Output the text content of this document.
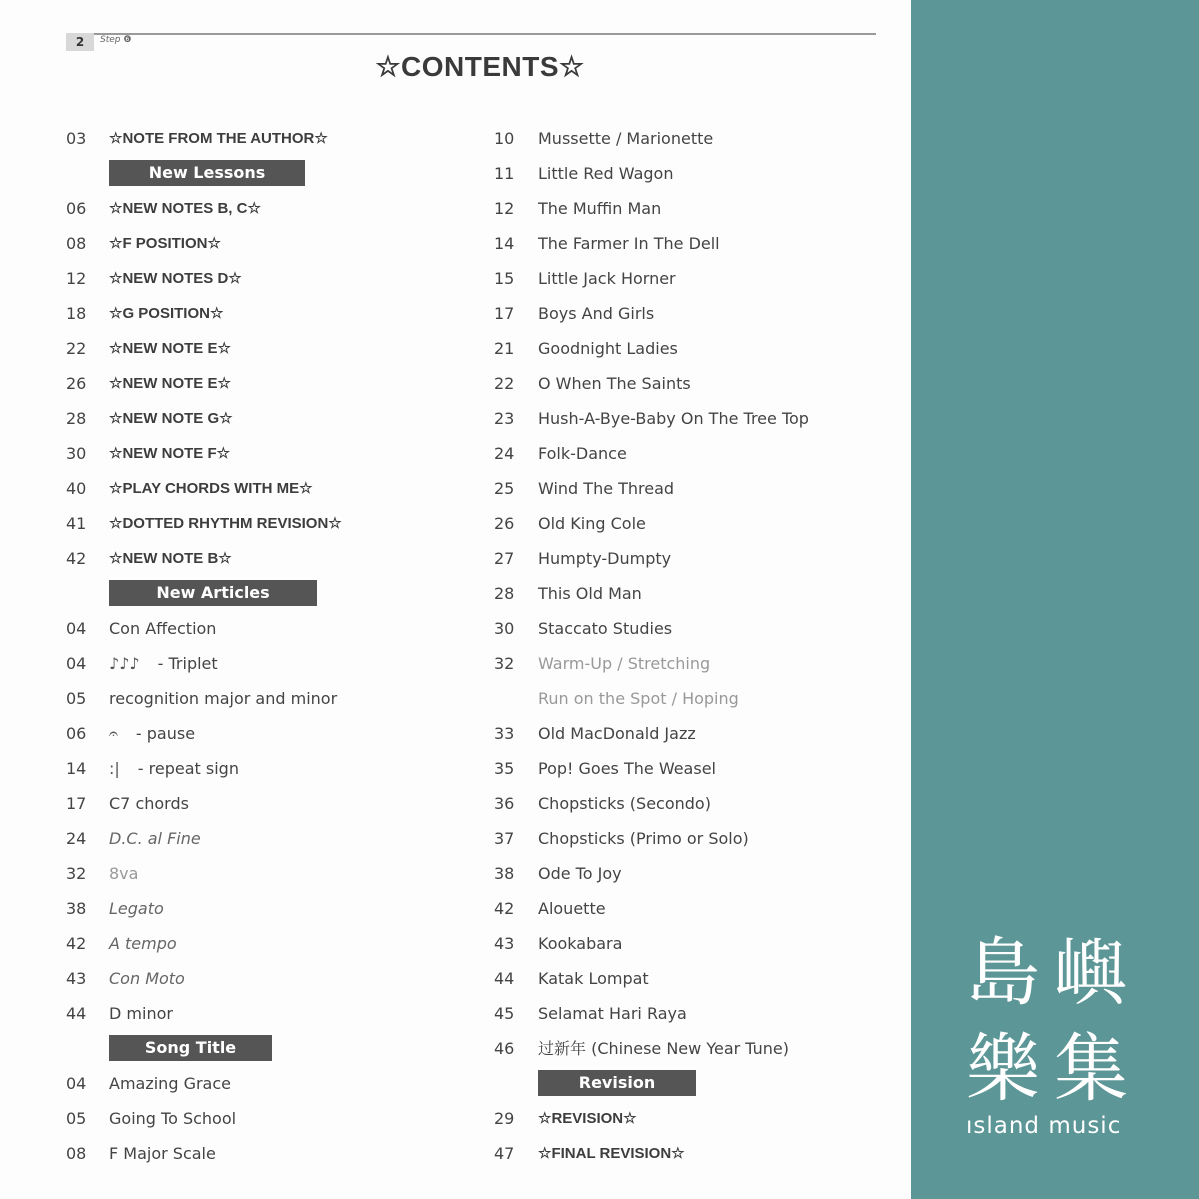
2	Step ❻
☆CONTENTS☆
03 ☆NOTE FROM THE AUTHOR☆
New Lessons
06 ☆NEW NOTES B, C☆
08 ☆F POSITION☆
12 ☆NEW NOTES D☆
18 ☆G POSITION☆
22 ☆NEW NOTE E☆
26 ☆NEW NOTE E☆
28 ☆NEW NOTE G☆
30 ☆NEW NOTE F☆
40 ☆PLAY CHORDS WITH ME☆
41 ☆DOTTED RHYTHM REVISION☆
42 ☆NEW NOTE B☆
New Articles
04 Con Affection
04 ♪♪♪ - Triplet
05 recognition major and minor
06 𝄐 - pause
14 :| - repeat sign
17 C7 chords
24 D.C. al Fine
32 8va
38 Legato
42 A tempo
43 Con Moto
44 D minor
Song Title
04 Amazing Grace
05 Going To School
08 F Major Scale
10 Mussette / Marionette
11 Little Red Wagon
12 The Muffin Man
14 The Farmer In The Dell
15 Little Jack Horner
17 Boys And Girls
21 Goodnight Ladies
22 O When The Saints
23 Hush-A-Bye-Baby On The Tree Top
24 Folk-Dance
25 Wind The Thread
26 Old King Cole
27 Humpty-Dumpty
28 This Old Man
30 Staccato Studies
32 Warm-Up / Stretching
Run on the Spot / Hoping
33 Old MacDonald Jazz
35 Pop! Goes The Weasel
36 Chopsticks (Secondo)
37 Chopsticks (Primo or Solo)
38 Ode To Joy
42 Alouette
43 Kookabara
44 Katak Lompat
45 Selamat Hari Raya
46 过新年 (Chinese New Year Tune)
Revision
29 ☆REVISION☆
47 ☆FINAL REVISION☆
島嶼
樂集
ısland music
